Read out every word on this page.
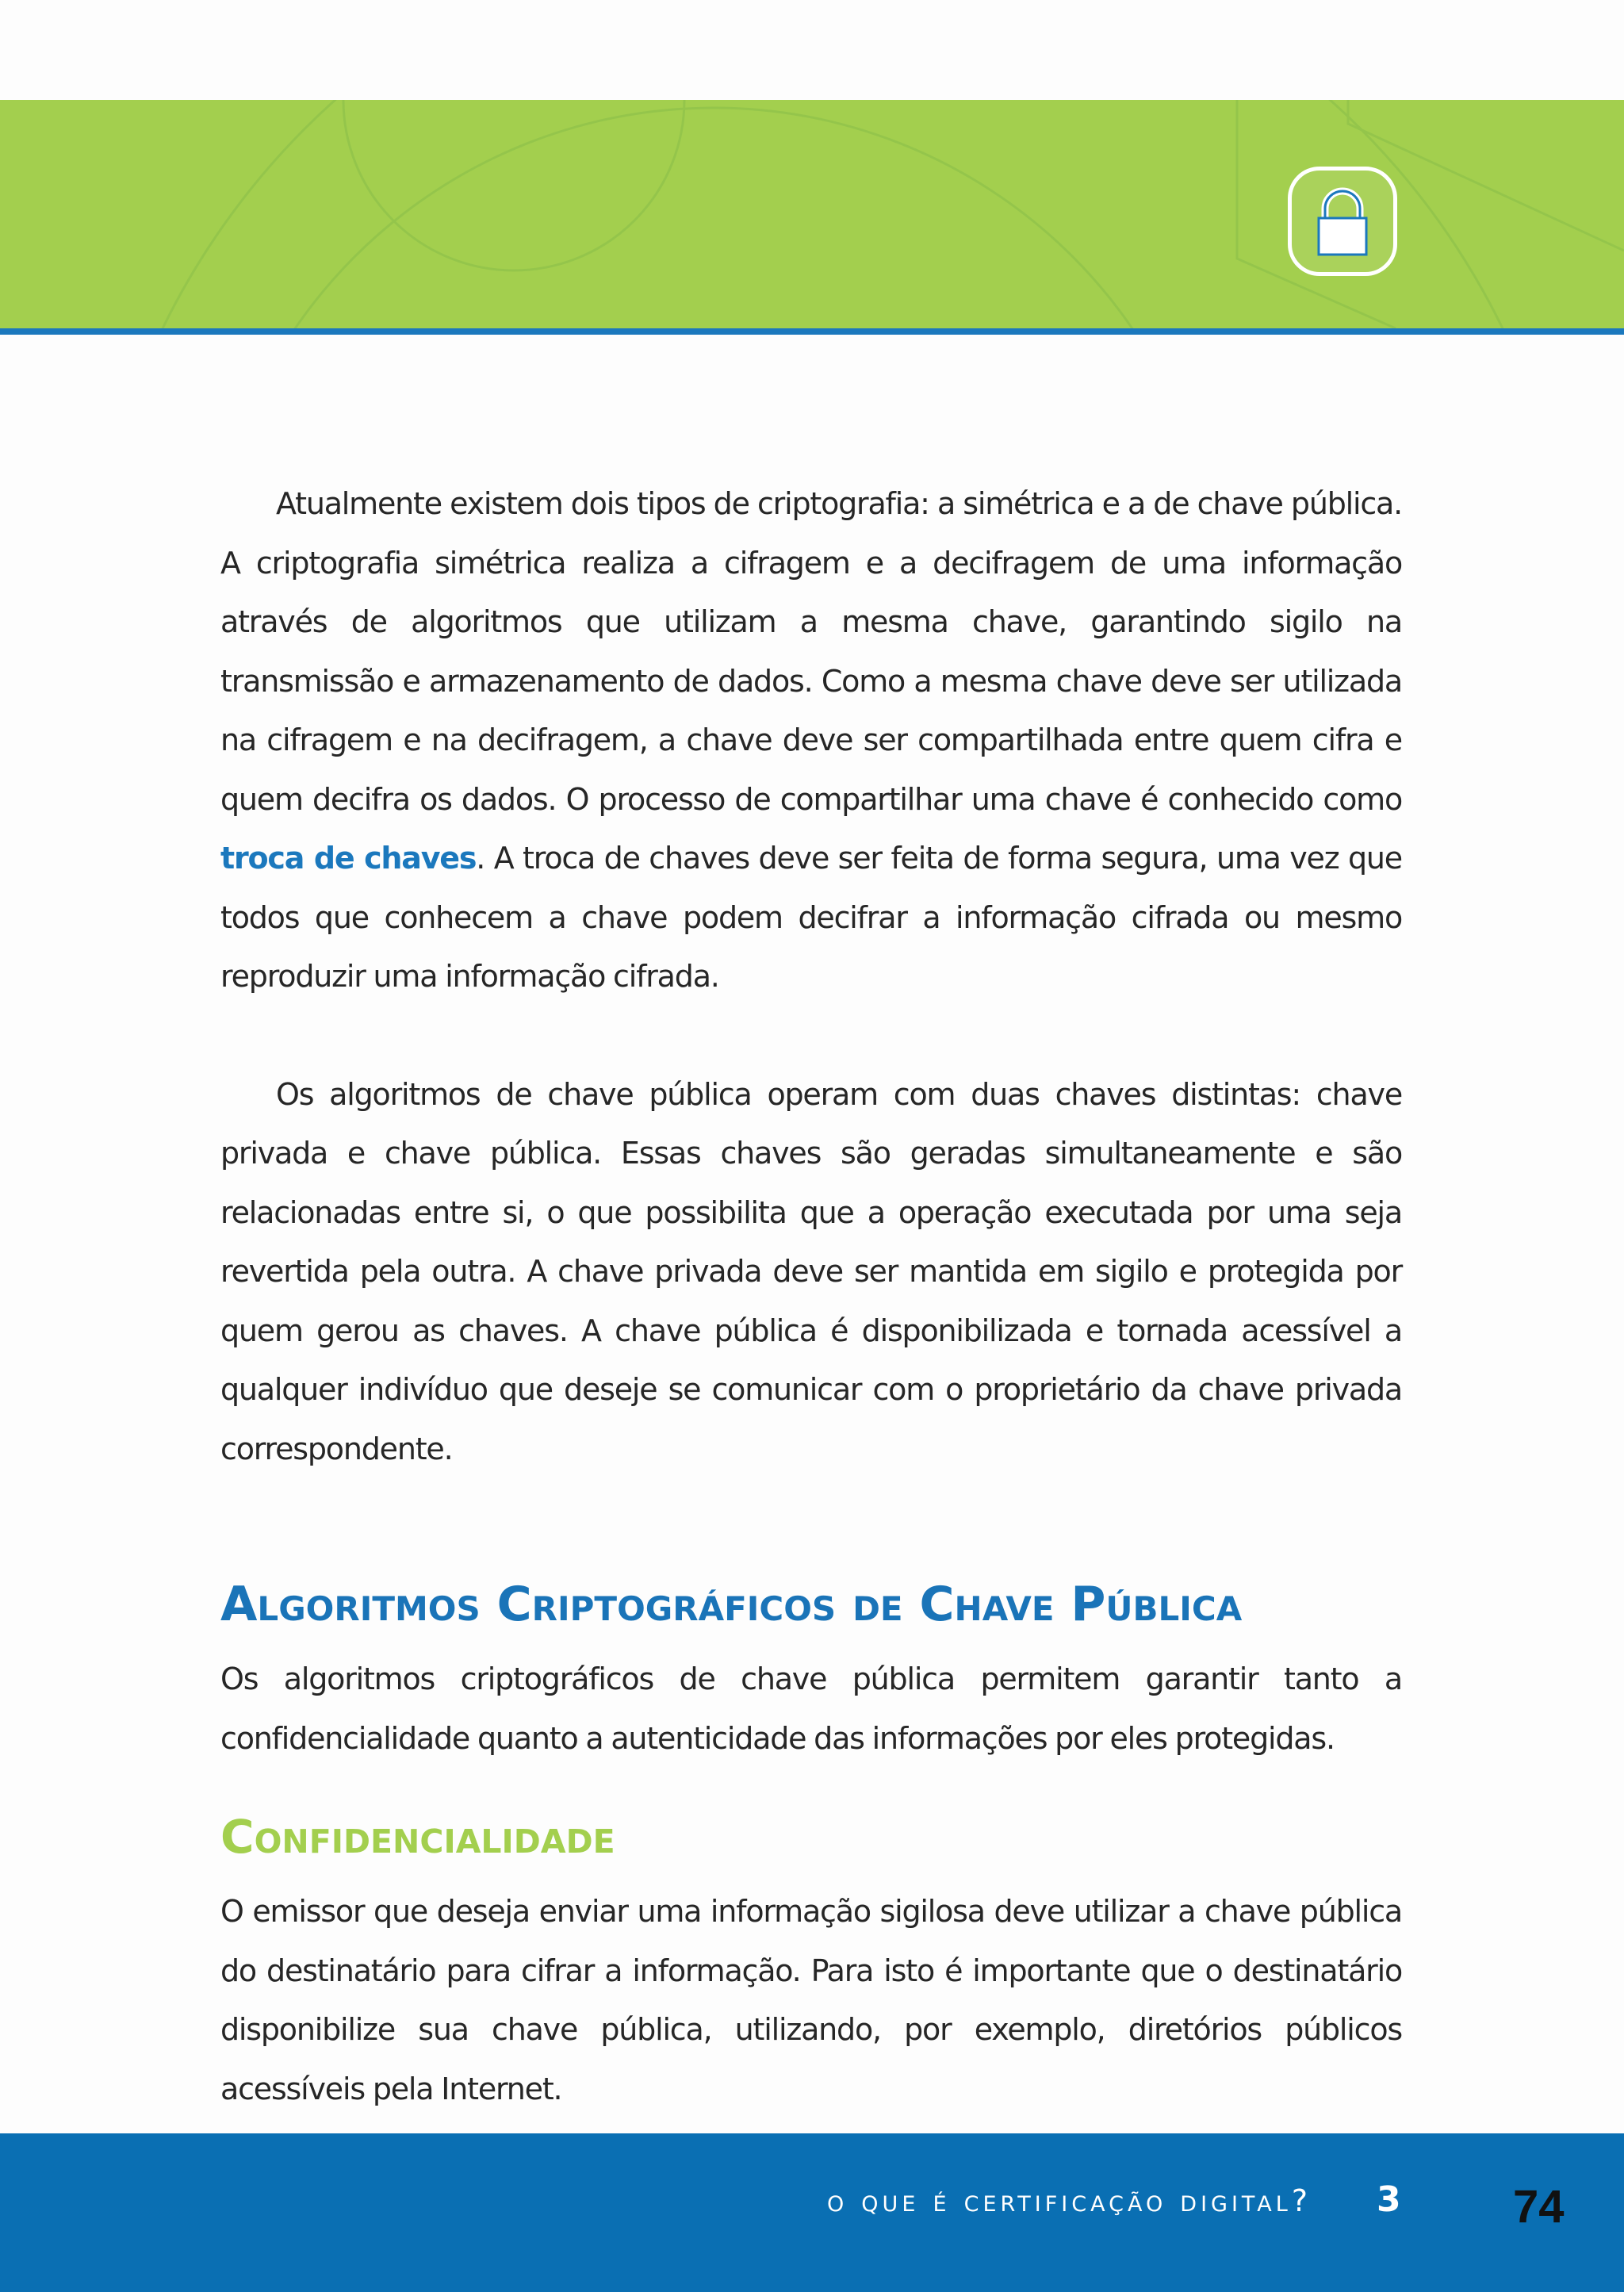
Atualmente existem dois tipos de criptografia: a simétrica e a de chave pública. A criptografia simétrica realiza a cifragem e a decifragem de uma informação através de algoritmos que utilizam a mesma chave, garantindo sigilo na transmissão e armazenamento de dados. Como a mesma chave deve ser utilizada na cifragem e na decifragem, a chave deve ser compartilhada entre quem cifra e quem decifra os dados. O processo de compartilhar uma chave é conhecido como troca de chaves. A troca de chaves deve ser feita de forma segura, uma vez que todos que conhecem a chave podem decifrar a informação cifrada ou mesmo reproduzir uma informação cifrada.

Os algoritmos de chave pública operam com duas chaves distintas: chave privada e chave pública. Essas chaves são geradas simultaneamente e são relacionadas entre si, o que possibilita que a operação executada por uma seja revertida pela outra. A chave privada deve ser mantida em sigilo e protegida por quem gerou as chaves. A chave pública é disponibilizada e tornada acessível a qualquer indivíduo que deseje se comunicar com o proprietário da chave privada correspondente.

Algoritmos Criptográficos de Chave Pública

Os algoritmos criptográficos de chave pública permitem garantir tanto a confidencialidade quanto a autenticidade das informações por eles protegidas.

Confidencialidade

O emissor que deseja enviar uma informação sigilosa deve utilizar a chave pública do destinatário para cifrar a informação. Para isto é importante que o destinatário disponibilize sua chave pública, utilizando, por exemplo, diretórios públicos acessíveis pela Internet.

o que é certificação digital? 3 74
